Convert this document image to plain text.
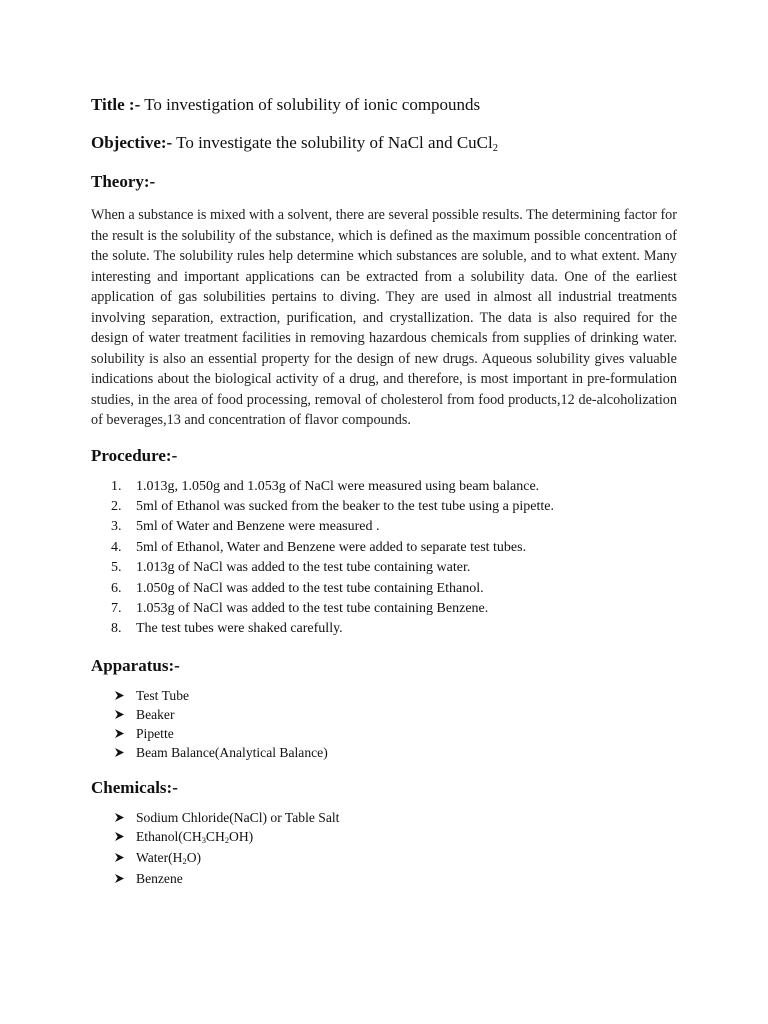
Title :- To investigation of solubility of ionic compounds
Objective:- To investigate the solubility of NaCl and CuCl$_2$
Theory:-
When a substance is mixed with a solvent, there are several possible results. The determining factor for the result is the solubility of the substance, which is defined as the maximum possible concentration of the solute. The solubility rules help determine which substances are soluble, and to what extent. Many interesting and important applications can be extracted from a solubility data. One of the earliest application of gas solubilities pertains to diving. They are used in almost all industrial treatments involving separation, extraction, purification, and crystallization. The data is also required for the design of water treatment facilities in removing hazardous chemicals from supplies of drinking water. solubility is also an essential property for the design of new drugs. Aqueous solubility gives valuable indications about the biological activity of a drug, and therefore, is most important in pre-formulation studies, in the area of food processing, removal of cholesterol from food products,12 de-alcoholization of beverages,13 and concentration of flavor compounds.
Procedure:-
1. 1.013g, 1.050g and 1.053g of NaCl were measured using beam balance.
2. 5ml of Ethanol was sucked from the beaker to the test tube using a pipette.
3. 5ml of Water and Benzene were measured .
4. 5ml of Ethanol, Water and Benzene were added to separate test tubes.
5. 1.013g of NaCl was added to the test tube containing water.
6. 1.050g of NaCl was added to the test tube containing Ethanol.
7. 1.053g of NaCl was added to the test tube containing Benzene.
8. The test tubes were shaked carefully.
Apparatus:-
Test Tube
Beaker
Pipette
Beam Balance(Analytical Balance)
Chemicals:-
Sodium Chloride(NaCl) or Table Salt
$Ethanol(CH_3CH_2OH)$
$Water(H_2O)$
Benzene
